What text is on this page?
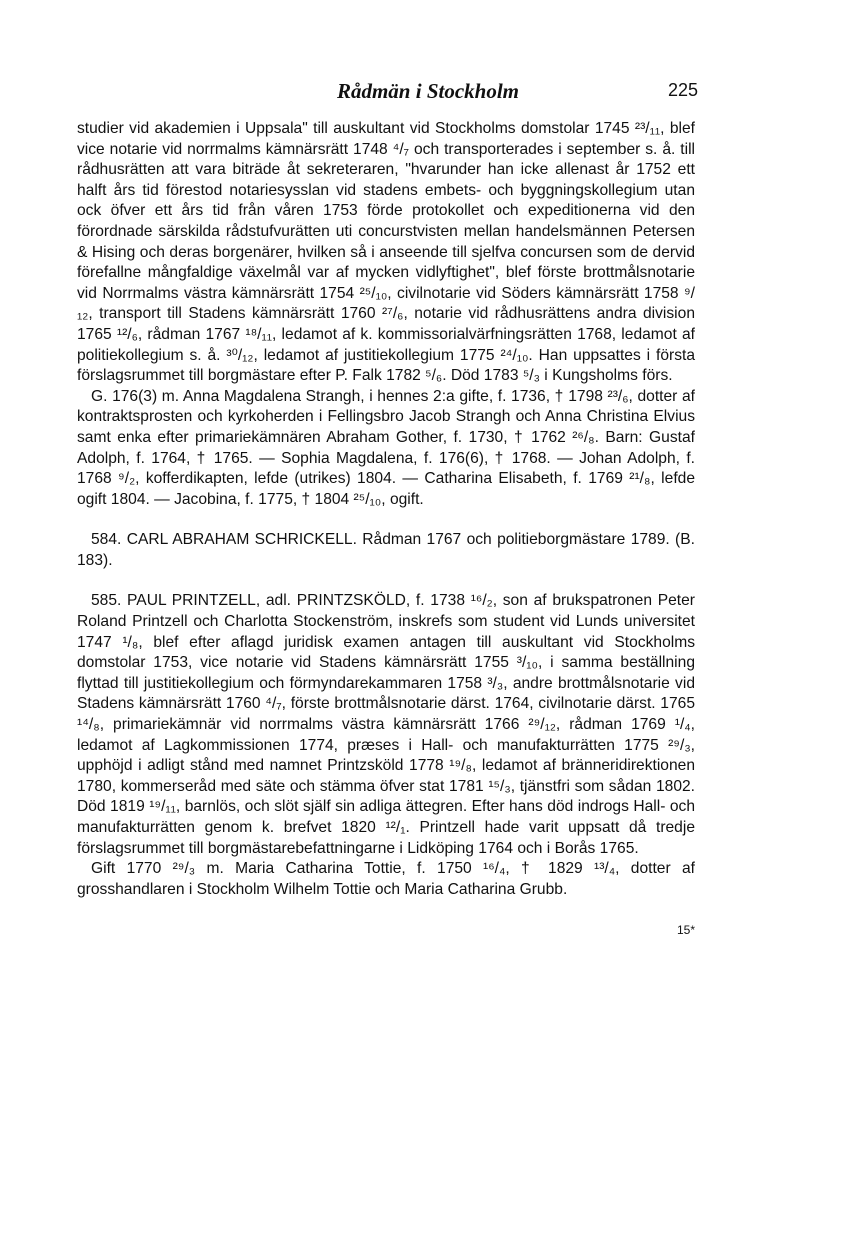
Rådmän i Stockholm	225

studier vid akademien i Uppsala" till auskultant vid Stockholms domstolar 1745 ²³/₁₁, blef vice notarie vid norrmalms kämnärsrätt 1748 ⁴/₇ och transporterades i september s. å. till rådhusrätten att vara biträde åt sekreteraren, "hvarunder han icke allenast år 1752 ett halft års tid förestod notariesysslan vid stadens embets- och byggningskollegium utan ock öfver ett års tid från våren 1753 förde protokollet och expeditionerna vid den förordnade särskilda rådstufvurätten uti concurstvisten mellan handelsmännen Petersen & Hising och deras borgenärer, hvilken så i anseende till sjelfva concursen som de dervid förefallne mångfaldige växelmål var af mycken vidlyftighet", blef förste brottmålsnotarie vid Norrmalms västra kämnärsrätt 1754 ²⁵/₁₀, civilnotarie vid Söders kämnärsrätt 1758 ⁹/₁₂, transport till Stadens kämnärsrätt 1760 ²⁷/₆, notarie vid rådhusrättens andra division 1765 ¹²/₆, rådman 1767 ¹⁸/₁₁, ledamot af k. kommissorialvärfningsrätten 1768, ledamot af politiekollegium s. å. ³⁰/₁₂, ledamot af justitiekollegium 1775 ²⁴/₁₀. Han uppsattes i första förslagsrummet till borgmästare efter P. Falk 1782 ⁵/₆. Död 1783 ⁵/₃ i Kungsholms förs.

G. 176(3) m. Anna Magdalena Strangh, i hennes 2:a gifte, f. 1736, † 1798 ²³/₆, dotter af kontraktsprosten och kyrkoherden i Fellingsbro Jacob Strangh och Anna Christina Elvius samt enka efter primariekämnären Abraham Gother, f. 1730, † 1762 ²⁶/₈. Barn: Gustaf Adolph, f. 1764, † 1765. — Sophia Magdalena, f. 176(6), † 1768. — Johan Adolph, f. 1768 ⁹/₂, kofferdikapten, lefde (utrikes) 1804. — Catharina Elisabeth, f. 1769 ²¹/₈, lefde ogift 1804. — Jacobina, f. 1775, † 1804 ²⁵/₁₀, ogift.

584. CARL ABRAHAM SCHRICKELL. Rådman 1767 och politieborgmästare 1789. (B. 183).

585. PAUL PRINTZELL, adl. PRINTZSKÖLD, f. 1738 ¹⁶/₂, son af brukspatronen Peter Roland Printzell och Charlotta Stockenström, inskrefs som student vid Lunds universitet 1747 ¹/₈, blef efter aflagd juridisk examen antagen till auskultant vid Stockholms domstolar 1753, vice notarie vid Stadens kämnärsrätt 1755 ³/₁₀, i samma beställning flyttad till justitiekollegium och förmyndarekammaren 1758 ³/₃, andre brottmålsnotarie vid Stadens kämnärsrätt 1760 ⁴/₇, förste brottmålsnotarie därst. 1764, civilnotarie därst. 1765 ¹⁴/₈, primariekämnär vid norrmalms västra kämnärsrätt 1766 ²⁹/₁₂, rådman 1769 ¹/₄, ledamot af Lagkommissionen 1774, præses i Hall- och manufakturrätten 1775 ²⁹/₃, upphöjd i adligt stånd med namnet Printzsköld 1778 ¹⁹/₈, ledamot af bränneridirektionen 1780, kommerseråd med säte och stämma öfver stat 1781 ¹⁵/₃, tjänstfri som sådan 1802. Död 1819 ¹⁹/₁₁, barnlös, och slöt själf sin adliga ättegren. Efter hans död indrogs Hall- och manufakturrätten genom k. brefvet 1820 ¹²/₁. Printzell hade varit uppsatt då tredje förslagsrummet till borgmästarebefattningarne i Lidköping 1764 och i Borås 1765.

Gift 1770 ²⁹/₃ m. Maria Catharina Tottie, f. 1750 ¹⁶/₄, † 1829 ¹³/₄, dotter af grosshandlaren i Stockholm Wilhelm Tottie och Maria Catharina Grubb.

15*
